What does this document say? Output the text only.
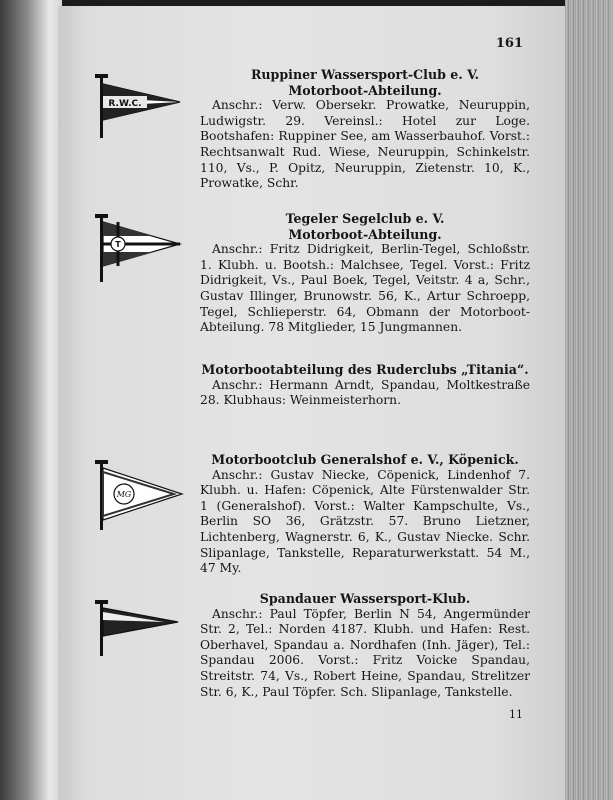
161
R.W.C.
Ruppiner Wassersport-Club e. V.
Motorboot-Abteilung.
Anschr.: Verw. Obersekr. Prowatke, Neuruppin, Ludwigstr. 29. Vereinsl.: Hotel zur Loge. Bootshafen: Ruppiner See, am Wasserbauhof. Vorst.: Rechtsanwalt Rud. Wiese, Neuruppin, Schinkelstr. 110, Vs., P. Opitz, Neuruppin, Zietenstr. 10, K., Prowatke, Schr.
T
Tegeler Segelclub e. V.
Motorboot-Abteilung.
Anschr.: Fritz Didrigkeit, Berlin-Tegel, Schloßstr. 1. Klubh. u. Bootsh.: Malchsee, Tegel. Vorst.: Fritz Didrigkeit, Vs., Paul Boek, Tegel, Veitstr. 4 a, Schr., Gustav Illinger, Brunowstr. 56, K., Artur Schroepp, Tegel, Schlieperstr. 64, Obmann der Motorboot-Abteilung. 78 Mitglieder, 15 Jungmannen.
Motorbootabteilung des Ruderclubs „Titania“.
Anschr.: Hermann Arndt, Spandau, Moltkestraße 28. Klubhaus: Weinmeisterhorn.
MG
Motorbootclub Generalshof e. V., Köpenick.
Anschr.: Gustav Niecke, Cöpenick, Lindenhof 7. Klubh. u. Hafen: Cöpenick, Alte Fürstenwalder Str. 1 (Generalshof). Vorst.: Walter Kampschulte, Vs., Berlin SO 36, Grätzstr. 57. Bruno Lietzner, Lichtenberg, Wagnerstr. 6, K., Gustav Niecke. Schr. Slipanlage, Tankstelle, Reparaturwerkstatt. 54 M., 47 My.
Spandauer Wassersport-Klub.
Anschr.: Paul Töpfer, Berlin N 54, Angermünder Str. 2, Tel.: Norden 4187. Klubh. und Hafen: Rest. Oberhavel, Spandau a. Nordhafen (Inh. Jäger), Tel.: Spandau 2006. Vorst.: Fritz Voicke Spandau, Streitstr. 74, Vs., Robert Heine, Spandau, Strelitzer Str. 6, K., Paul Töpfer. Sch. Slipanlage, Tankstelle.
11
